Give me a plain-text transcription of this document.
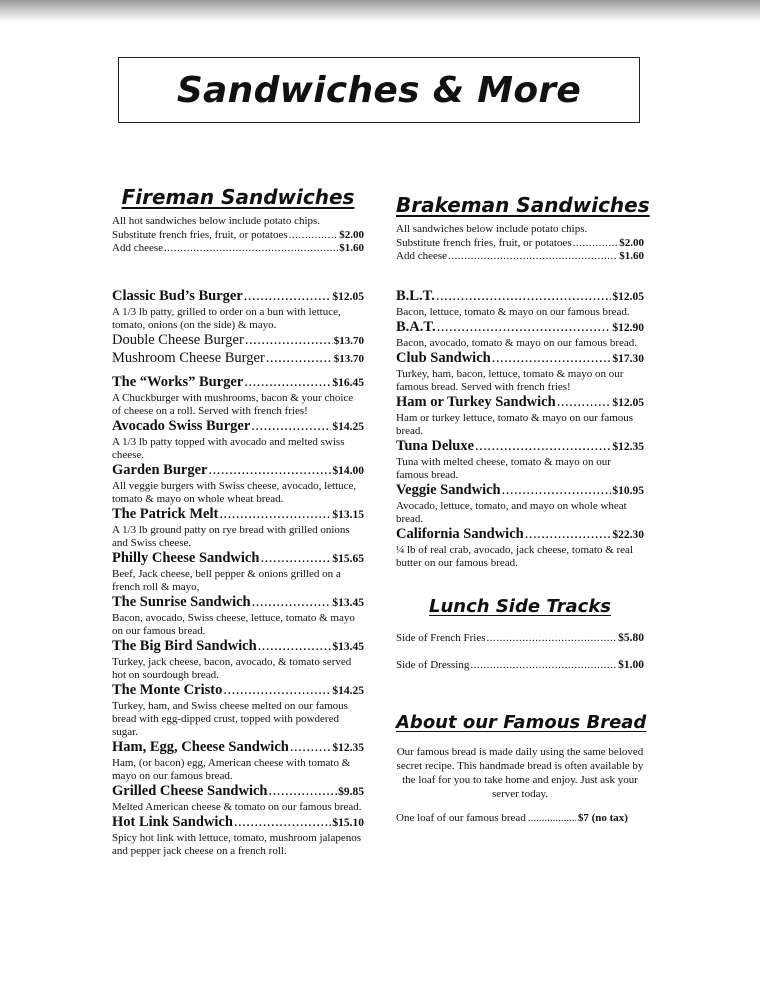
Sandwiches & More
Fireman Sandwiches
All hot sandwiches below include potato chips.
Substitute french fries, fruit, or potatoes .....	$2.00
Add cheese .....	$1.60
Classic Bud’s Burger .....	$12.05
A 1/3 lb patty, grilled to order on a bun with lettuce, tomato, onions (on the side) & mayo.
Double Cheese Burger .....	$13.70
Mushroom Cheese Burger .....	$13.70
The “Works” Burger .....	$16.45
A Chuckburger with mushrooms, bacon & your choice of cheese on a roll. Served with french fries!
Avocado Swiss Burger .....	$14.25
A 1/3 lb patty topped with avocado and melted swiss cheese.
Garden Burger .....	$14.00
All veggie burgers with Swiss cheese, avocado, lettuce, tomato & mayo on whole wheat bread.
The Patrick Melt .....	$13.15
A 1/3 lb ground patty on rye bread with grilled onions and Swiss cheese.
Philly Cheese Sandwich .....	$15.65
Beef, Jack cheese, bell pepper & onions grilled on a french roll & mayo,
The Sunrise Sandwich .....	$13.45
Bacon, avocado, Swiss cheese, lettuce, tomato & mayo on our famous bread.
The Big Bird Sandwich .....	$13.45
Turkey, jack cheese, bacon, avocado, & tomato served hot on sourdough bread.
The Monte Cristo .....	$14.25
Turkey, ham, and Swiss cheese melted on our famous bread with egg-dipped crust, topped with powdered sugar.
Ham, Egg, Cheese Sandwich .....	$12.35
Ham, (or bacon) egg, American cheese with tomato & mayo on our famous bread.
Grilled Cheese Sandwich .....	$9.85
Melted American cheese & tomato on our famous bread.
Hot Link Sandwich .....	$15.10
Spicy hot link with lettuce, tomato, mushroom jalapenos and pepper jack cheese on a french roll.
Brakeman Sandwiches
All sandwiches below include potato chips.
Substitute french fries, fruit, or potatoes .....	$2.00
Add cheese .....	$1.60
B.L.T. .....	$12.05
Bacon, lettuce, tomato & mayo on our famous bread.
B.A.T. .....	$12.90
Bacon, avocado, tomato & mayo on our famous bread.
Club Sandwich .....	$17.30
Turkey, ham, bacon, lettuce, tomato & mayo on our famous bread. Served with french fries!
Ham or Turkey Sandwich .....	$12.05
Ham or turkey lettuce, tomato & mayo on our famous bread.
Tuna Deluxe .....	$12.35
Tuna with melted cheese, tomato & mayo on our famous bread.
Veggie Sandwich .....	$10.95
Avocado, lettuce, tomato, and mayo on whole wheat bread.
California Sandwich .....	$22.30
¼ lb of real crab, avocado, jack cheese, tomato & real butter on our famous bread.
Lunch Side Tracks
Side of French Fries .....	$5.80
Side of Dressing .....	$1.00
About our Famous Bread
Our famous bread is made daily using the same beloved secret recipe. This handmade bread is often available by the loaf for you to take home and enjoy. Just ask your server today.
One loaf of our famous bread .....	$7 (no tax)
